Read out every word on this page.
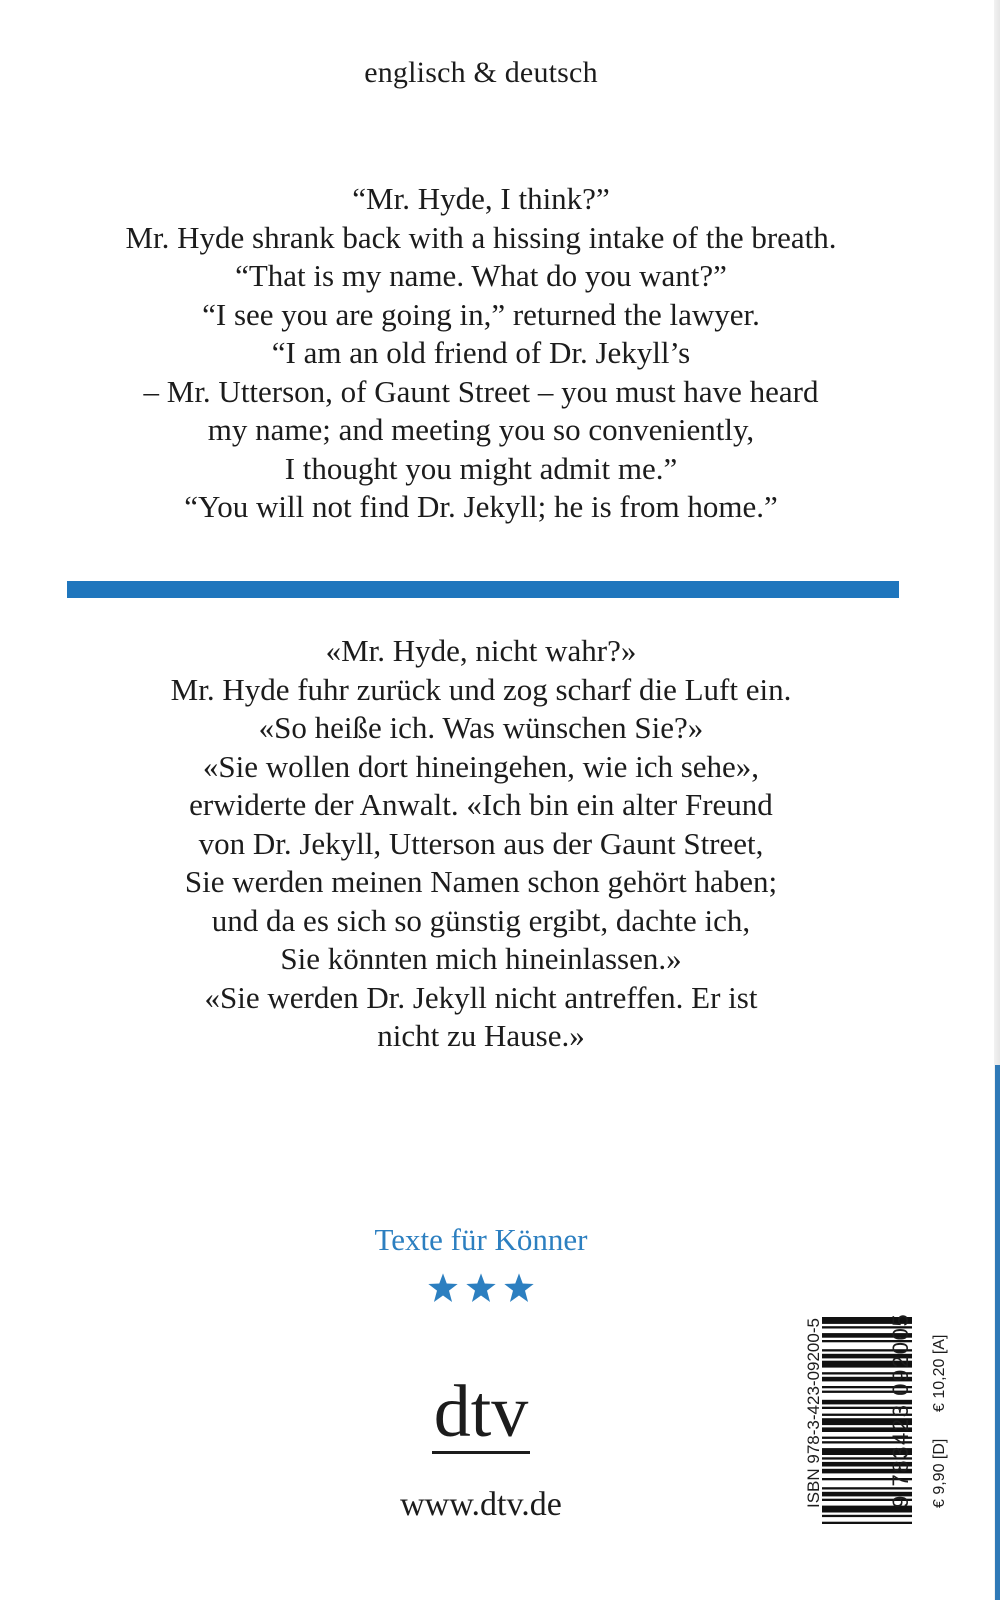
englisch & deutsch
“Mr. Hyde, I think?”
Mr. Hyde shrank back with a hissing intake of the breath.
“That is my name. What do you want?”
“I see you are going in,” returned the lawyer.
“I am an old friend of Dr. Jekyll’s
– Mr. Utterson, of Gaunt Street – you must have heard
my name; and meeting you so conveniently,
I thought you might admit me.”
“You will not find Dr. Jekyll; he is from home.”
«Mr. Hyde, nicht wahr?»
Mr. Hyde fuhr zurück und zog scharf die Luft ein.
«So heiße ich. Was wünschen Sie?»
«Sie wollen dort hineingehen, wie ich sehe»,
erwiderte der Anwalt. «Ich bin ein alter Freund
von Dr. Jekyll, Utterson aus der Gaunt Street,
Sie werden meinen Namen schon gehört haben;
und da es sich so günstig ergibt, dachte ich,
Sie könnten mich hineinlassen.»
«Sie werden Dr. Jekyll nicht antreffen. Er ist
nicht zu Hause.»
Texte für Könner
dtv
www.dtv.de	ISBN 978-3-423-09200-5	9 783423 092005 € 9,90 [D]
€ 10,20 [A]
